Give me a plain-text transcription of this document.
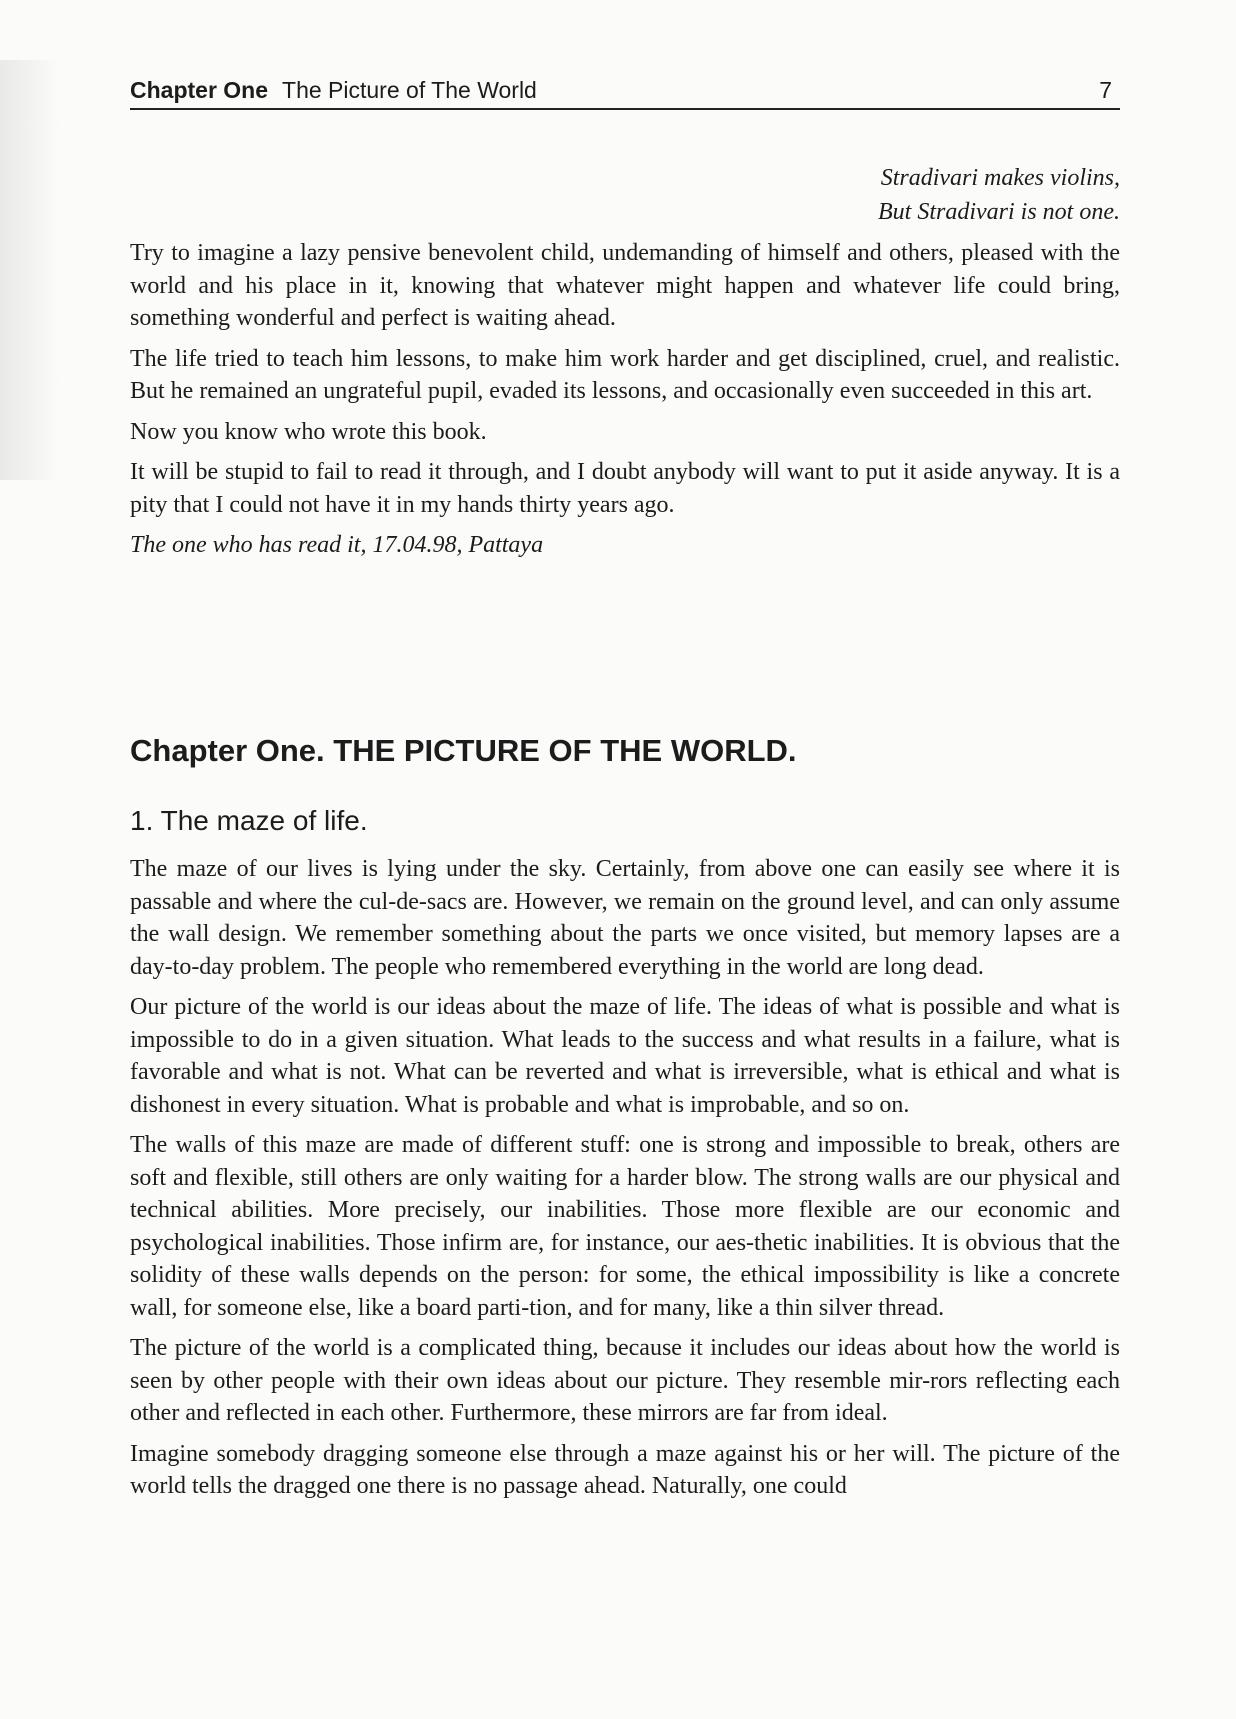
Chapter One The Picture of The World	7
Stradivari makes violins,
But Stradivari is not one.

Try to imagine a lazy pensive benevolent child, undemanding of himself and others, pleased with the world and his place in it, knowing that whatever might happen and whatever life could bring, something wonderful and perfect is waiting ahead.

The life tried to teach him lessons, to make him work harder and get disciplined, cruel, and realistic. But he remained an ungrateful pupil, evaded its lessons, and occasionally even succeeded in this art.

Now you know who wrote this book.

It will be stupid to fail to read it through, and I doubt anybody will want to put it aside anyway. It is a pity that I could not have it in my hands thirty years ago.

The one who has read it, 17.04.98, Pattaya

Chapter One. THE PICTURE OF THE WORLD.
1. The maze of life.

The maze of our lives is lying under the sky. Certainly, from above one can easily see where it is passable and where the cul-de-sacs are. However, we remain on the ground level, and can only assume the wall design. We remember something about the parts we once visited, but memory lapses are a day-to-day problem. The people who remembered everything in the world are long dead.

Our picture of the world is our ideas about the maze of life. The ideas of what is possible and what is impossible to do in a given situation. What leads to the success and what results in a failure, what is favorable and what is not. What can be reverted and what is irreversible, what is ethical and what is dishonest in every situation. What is probable and what is improbable, and so on.

The walls of this maze are made of different stuff: one is strong and impossible to break, others are soft and flexible, still others are only waiting for a harder blow. The strong walls are our physical and technical abilities. More precisely, our inabilities. Those more flexible are our economic and psychological inabilities. Those infirm are, for instance, our aes-thetic inabilities. It is obvious that the solidity of these walls depends on the person: for some, the ethical impossibility is like a concrete wall, for someone else, like a board parti-tion, and for many, like a thin silver thread.

The picture of the world is a complicated thing, because it includes our ideas about how the world is seen by other people with their own ideas about our picture. They resemble mir-rors reflecting each other and reflected in each other. Furthermore, these mirrors are far from ideal.

Imagine somebody dragging someone else through a maze against his or her will. The picture of the world tells the dragged one there is no passage ahead. Naturally, one could
